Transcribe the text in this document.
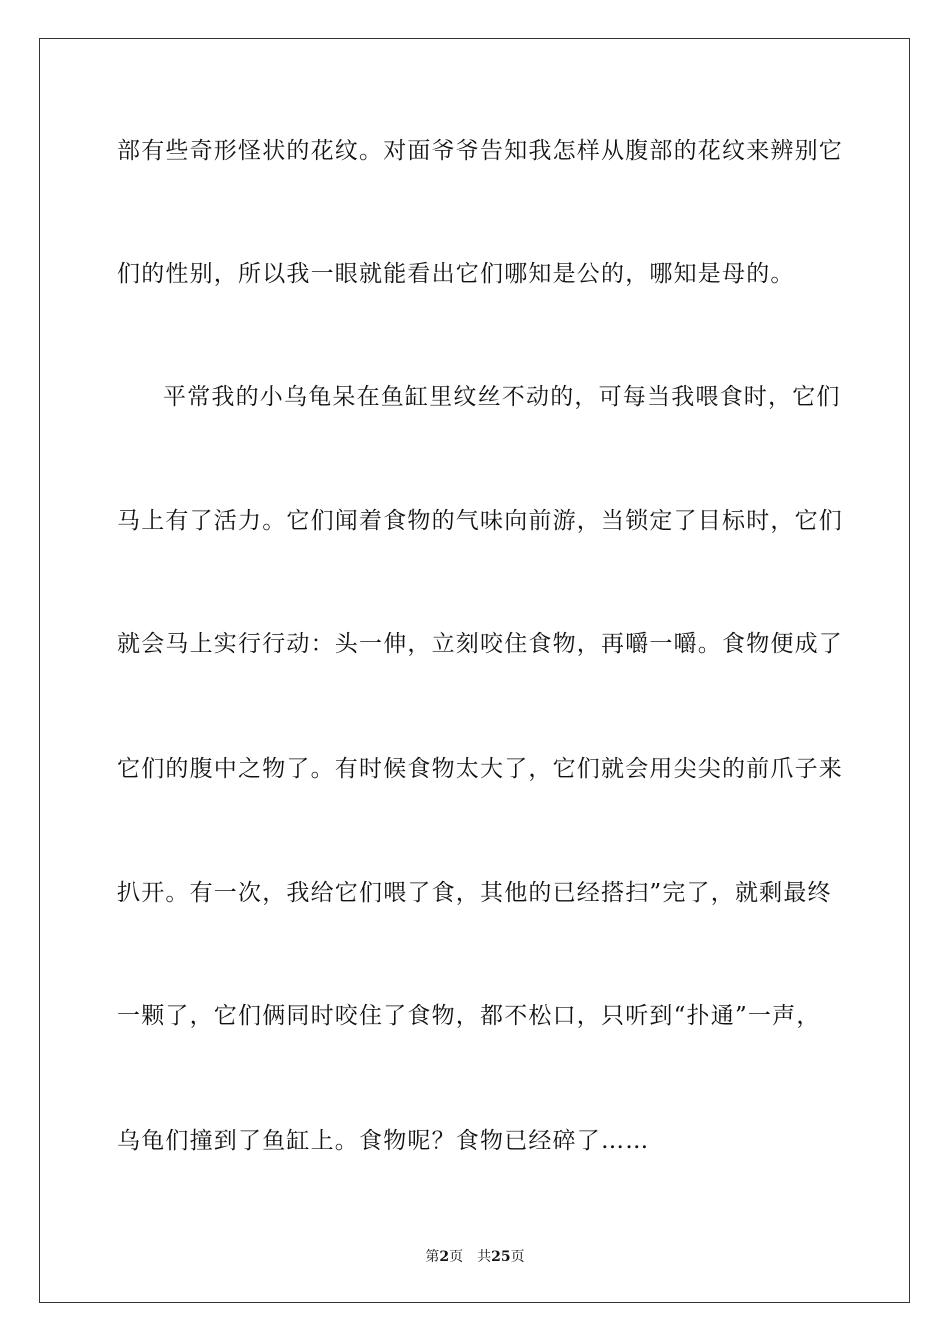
部有些奇形怪状的花纹。对面爷爷告知我怎样从腹部的花纹来辨别它
们的性别，所以我一眼就能看出它们哪知是公的，哪知是母的。
平常我的小乌龟呆在鱼缸里纹丝不动的，可每当我喂食时，它们
马上有了活力。它们闻着食物的气味向前游，当锁定了目标时，它们
就会马上实行行动：头一伸，立刻咬住食物，再嚼一嚼。食物便成了
它们的腹中之物了。有时候食物太大了，它们就会用尖尖的前爪子来
扒开。有一次，我给它们喂了食，其他的已经搭扫”完了，就剩最终
一颗了，它们俩同时咬住了食物，都不松口，只听到“扑通”一声，
乌龟们撞到了鱼缸上。食物呢？食物已经碎了……
第2页 共25页
